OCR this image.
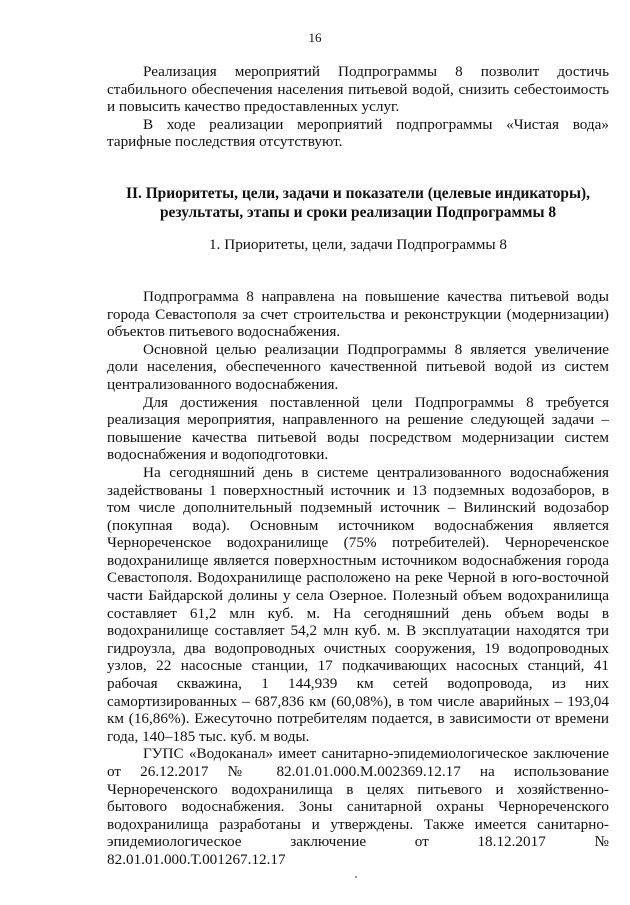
16

Реализация мероприятий Подпрограммы 8 позволит достичь стабильного обеспечения населения питьевой водой, снизить себестоимость и повысить качество предоставленных услуг.

В ходе реализации мероприятий подпрограммы «Чистая вода» тарифные последствия отсутствуют.

II. Приоритеты, цели, задачи и показатели (целевые индикаторы),
результаты, этапы и сроки реализации Подпрограммы 8

1. Приоритеты, цели, задачи Подпрограммы 8

Подпрограмма 8 направлена на повышение качества питьевой воды города Севастополя за счет строительства и реконструкции (модернизации) объектов питьевого водоснабжения.

Основной целью реализации Подпрограммы 8 является увеличение доли населения, обеспеченного качественной питьевой водой из систем централизованного водоснабжения.

Для достижения поставленной цели Подпрограммы 8 требуется реализация мероприятия, направленного на решение следующей задачи – повышение качества питьевой воды посредством модернизации систем водоснабжения и водоподготовки.

На сегодняшний день в системе централизованного водоснабжения задействованы 1 поверхностный источник и 13 подземных водозаборов, в том числе дополнительный подземный источник – Вилинский водозабор (покупная вода). Основным источником водоснабжения является Чернореченское водохранилище (75% потребителей). Чернореченское водохранилище является поверхностным источником водоснабжения города Севастополя. Водохранилище расположено на реке Черной в юго-восточной части Байдарской долины у села Озерное. Полезный объем водохранилища составляет 61,2 млн куб. м. На сегодняшний день объем воды в водохранилище составляет 54,2 млн куб. м. В эксплуатации находятся три гидроузла, два водопроводных очистных сооружения, 19 водопроводных узлов, 22 насосные станции, 17 подкачивающих насосных станций, 41 рабочая скважина, 1 144,939 км сетей водопровода, из них самортизированных – 687,836 км (60,08%), в том числе аварийных – 193,04 км (16,86%). Ежесуточно потребителям подается, в зависимости от времени года, 140–185 тыс. куб. м воды.

ГУПС «Водоканал» имеет санитарно-эпидемиологическое заключение от 26.12.2017 № 82.01.01.000.М.002369.12.17 на использование Чернореченского водохранилища в целях питьевого и хозяйственно-бытового водоснабжения. Зоны санитарной охраны Чернореченского водохранилища разработаны и утверждены. Также имеется санитарно-эпидемиологическое заключение от 18.12.2017 № 82.01.01.000.Т.001267.12.17
